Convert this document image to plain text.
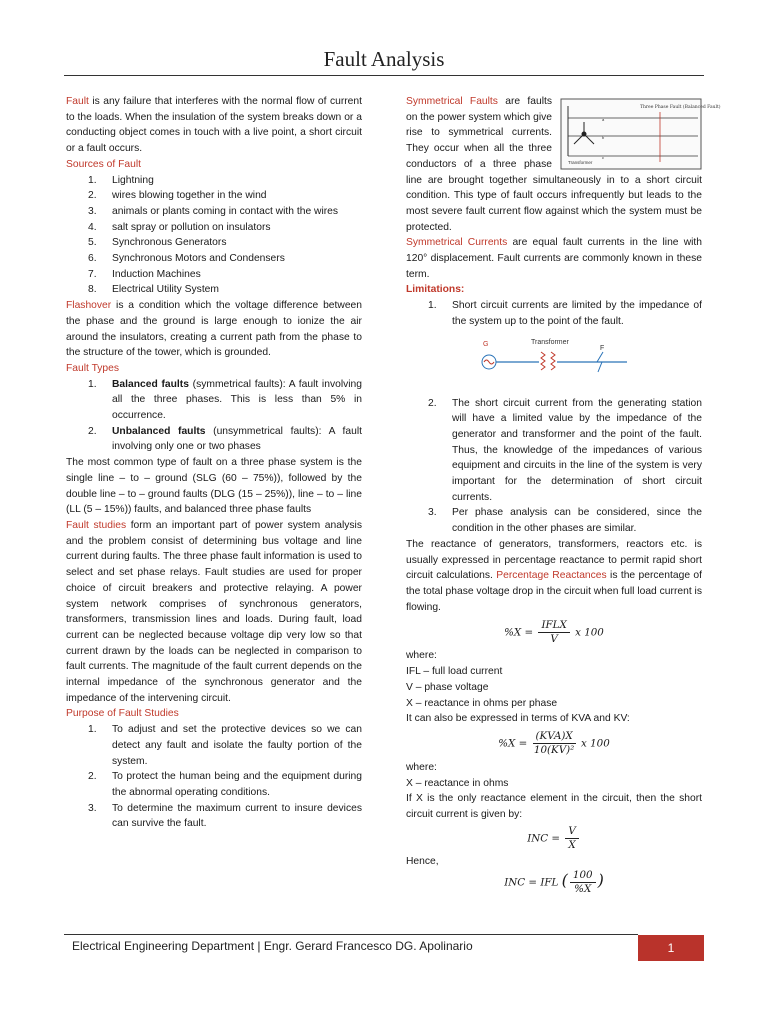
Fault Analysis

Fault is any failure that interferes with the normal flow of current to the loads. When the insulation of the system breaks down or a conducting object comes in touch with a live point, a short circuit or a fault occurs.

Sources of Fault

1. Lightning
2. wires blowing together in the wind
3. animals or plants coming in contact with the wires
4. salt spray or pollution on insulators
5. Synchronous Generators
6. Synchronous Motors and Condensers
7. Induction Machines
8. Electrical Utility System

Flashover is a condition which the voltage difference between the phase and the ground is large enough to ionize the air around the insulators, creating a current path from the phase to the structure of the tower, which is grounded.

Fault Types

1. Balanced faults (symmetrical faults): A fault involving all the three phases. This is less than 5% in occurrence.
2. Unbalanced faults (unsymmetrical faults): A fault involving only one or two phases

The most common type of fault on a three phase system is the single line – to – ground (SLG (60 – 75%)), followed by the double line – to – ground faults (DLG (15 – 25%)), line – to – line (LL (5 – 15%)) faults, and balanced three phase faults

Fault studies form an important part of power system analysis and the problem consist of determining bus voltage and line current during faults. The three phase fault information is used to select and set phase relays. Fault studies are used for proper choice of circuit breakers and protective relaying. A power system network comprises of synchronous generators, transformers, transmission lines and loads. During fault, load current can be neglected because voltage dip very low so that current drawn by the loads can be neglected in comparison to fault currents. The magnitude of the fault current depends on the internal impedance of the synchronous generator and the impedance of the intervening circuit.

Purpose of Fault Studies

1. To adjust and set the protective devices so we can detect any fault and isolate the faulty portion of the system.
2. To protect the human being and the equipment during the abnormal operating conditions.
3. To determine the maximum current to insure devices can survive the fault.

Symmetrical Faults
Three Phase Fault (Balanced Fault)
a
b
c
Transformer
are faults on the power system which give rise to symmetrical currents. They occur when all the three conductors of a three phase line are brought together simultaneously in to a short circuit condition. This type of fault occurs infrequently but leads to the most severe fault current flow against which the system must be protected.

Symmetrical Currents are equal fault currents in the line with 120° displacement. Fault currents are commonly known in these term.

Limitations:

1. Short circuit currents are limited by the impedance of the system up to the point of the fault.
G	Transformer
F
2. The short circuit current from the generating station will have a limited value by the impedance of the generator and transformer and the point of the fault. Thus, the knowledge of the impedances of various equipment and circuits in the line of the system is very important for the determination of short circuit currents.
3. Per phase analysis can be considered, since the condition in the other phases are similar.

The reactance of generators, transformers, reactors etc. is usually expressed in percentage reactance to permit rapid short circuit calculations. Percentage Reactances is the percentage of the total phase voltage drop in the circuit when full load current is flowing.

$\%X = \frac{\text{IFLX}}{V}$ x 100

where:

IFL – full load current

V – phase voltage

X – reactance in ohms per phase

It can also be expressed in terms of KVA and KV:

$\%X = \frac{\text{(KVA)X}}{\text{10(KV)²}}$ x 100

where:

X – reactance in ohms

If X is the only reactance element in the circuit, then the short circuit current is given by:

INC = $\frac{V}{X}$

Hence,

INC = IFL ( $\frac{100}{\%X}$ )
Electrical Engineering Department | Engr. Gerard Francesco DG. Apolinario	1
